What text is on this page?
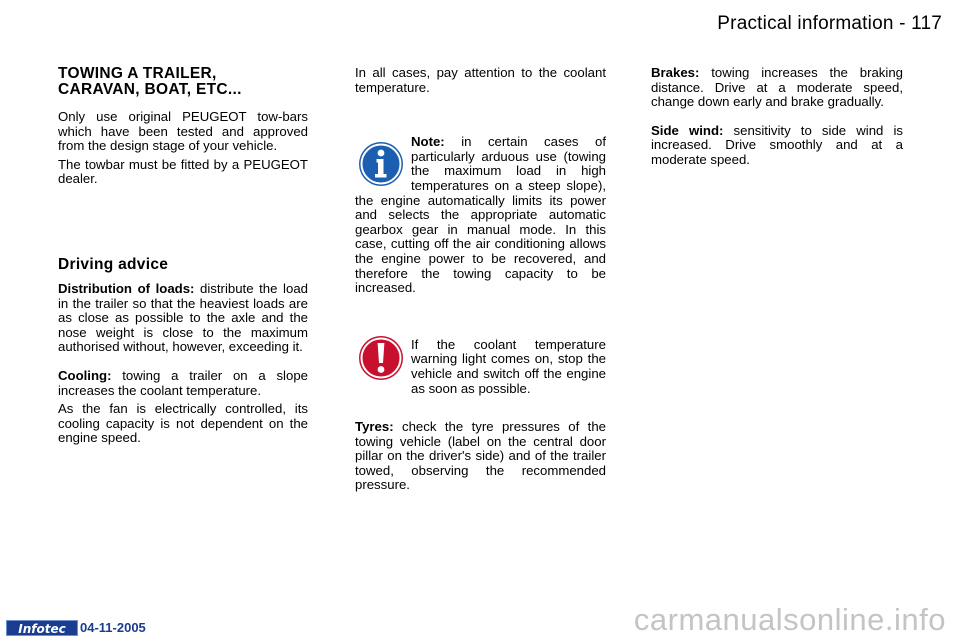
Practical information - 117
TOWING A TRAILER,
CARAVAN, BOAT, ETC...

Only use original PEUGEOT tow-bars which have been tested and approved from the design stage of your vehicle.

The towbar must be fitted by a PEUGEOT dealer.

Driving advice

Distribution of loads: distribute the load in the trailer so that the heaviest loads are as close as possible to the axle and the nose weight is close to the maximum authorised without, however, exceeding it.

Cooling: towing a trailer on a slope increases the coolant temperature.

As the fan is electrically controlled, its cooling capacity is not dependent on the engine speed.

In all cases, pay attention to the coolant temperature.

Note: in certain cases of particularly arduous use (towing the maximum load in high temperatures on a steep slope), the engine automatically limits its power and selects the appropriate automatic gearbox gear in manual mode. In this case, cutting off the air conditioning allows the engine power to be recovered, and therefore the towing capacity to be increased.

If the coolant temperature warning light comes on, stop the vehicle and switch off the engine as soon as possible.

Tyres: check the tyre pressures of the towing vehicle (label on the central door pillar on the driver's side) and of the trailer towed, observing the recommended pressure.

Brakes: towing increases the braking distance. Drive at a moderate speed, change down early and brake gradually.

Side wind: sensitivity to side wind is increased. Drive smoothly and at a moderate speed.

Infotec	04-11-2005	carmanualsonline.info
